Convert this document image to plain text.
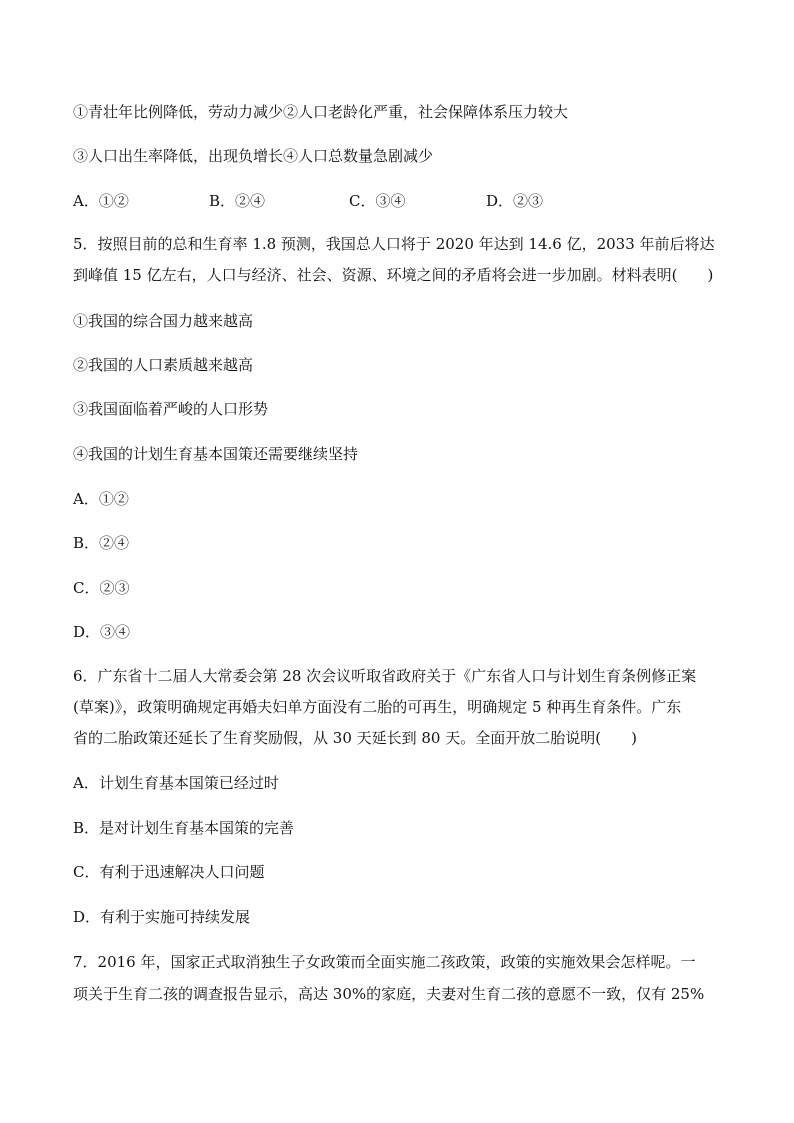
①青壮年比例降低，劳动力减少②人口老龄化严重，社会保障体系压力较大
③人口出生率降低，出现负增长④人口总数量急剧减少
A．①②	B．②④	C．③④	D．②③
5．按照目前的总和生育率 1.8 预测，我国总人口将于 2020 年达到 14.6 亿，2033 年前后将达
到峰值 15 亿左右，人口与经济、社会、资源、环境之间的矛盾将会进一步加剧。材料表明(　　)
①我国的综合国力越来越高
②我国的人口素质越来越高
③我国面临着严峻的人口形势
④我国的计划生育基本国策还需要继续坚持
A．①②
B．②④
C．②③
D．③④
6．广东省十二届人大常委会第 28 次会议听取省政府关于《广东省人口与计划生育条例修正案
(草案)》，政策明确规定再婚夫妇单方面没有二胎的可再生，明确规定 5 种再生育条件。广东
省的二胎政策还延长了生育奖励假，从 30 天延长到 80 天。全面开放二胎说明(　　)
A．计划生育基本国策已经过时
B．是对计划生育基本国策的完善
C．有利于迅速解决人口问题
D．有利于实施可持续发展
7．2016 年，国家正式取消独生子女政策而全面实施二孩政策，政策的实施效果会怎样呢。一
项关于生育二孩的调查报告显示，高达 30%的家庭，夫妻对生育二孩的意愿不一致，仅有 25%
